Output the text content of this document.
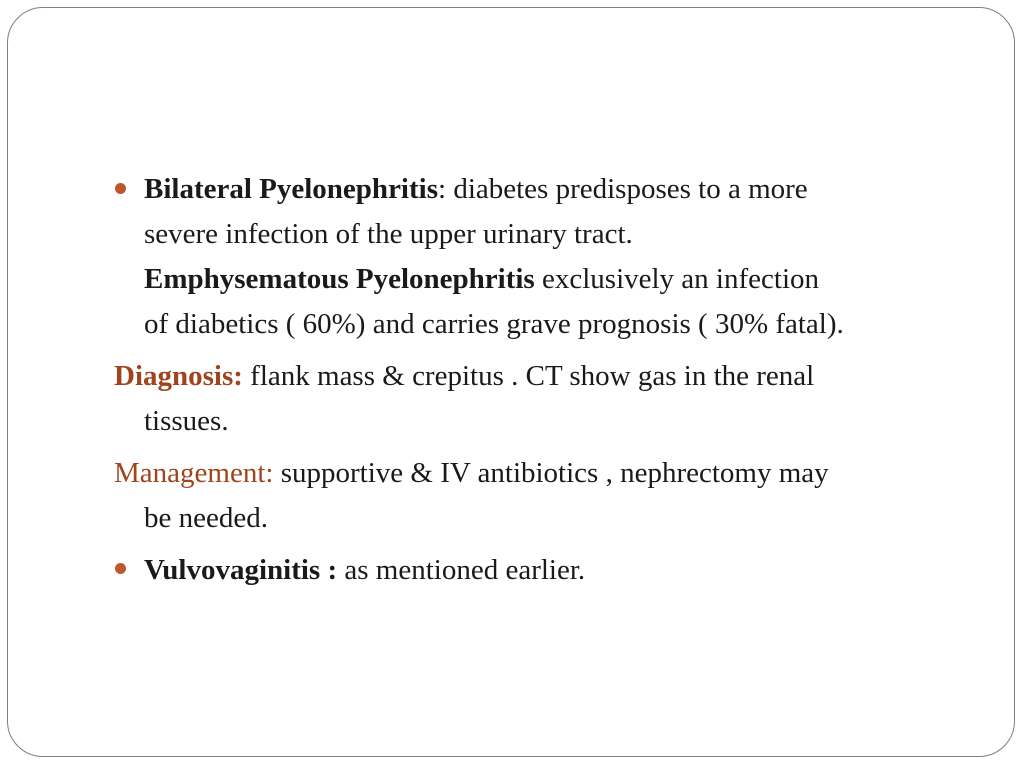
Bilateral Pyelonephritis: diabetes predisposes to a more
severe infection of the upper urinary tract.
Emphysematous Pyelonephritis exclusively an infection
of diabetics ( 60%) and carries grave prognosis ( 30% fatal).
Diagnosis: flank mass & crepitus . CT show gas in the renal
tissues.
Management: supportive & IV antibiotics , nephrectomy may
be needed.
Vulvovaginitis : as mentioned earlier.
